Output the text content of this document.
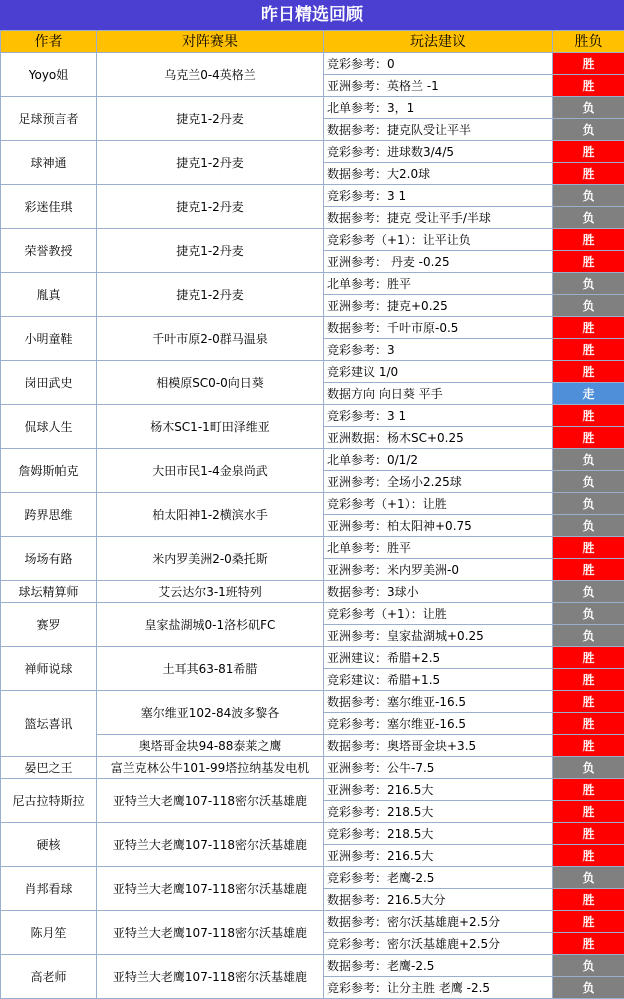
昨日精选回顾
作者	对阵赛果	玩法建议	胜负
Yoyo姐	乌克兰0-4英格兰	竞彩参考：0	胜
		亚洲参考：英格兰 -1	胜
足球预言者	捷克1-2丹麦	北单参考：3，1	负
		数据参考：捷克队受让平半	负
球神通	捷克1-2丹麦	竞彩参考：进球数3/4/5	胜
		数据参考：大2.0球	胜
彩迷佳琪	捷克1-2丹麦	竞彩参考：3 1	负
		数据参考：捷克 受让平手/半球	负
荣誉教授	捷克1-2丹麦	竞彩参考（+1）：让平让负	胜
		亚洲参考： 丹麦 -0.25	胜
胤真	捷克1-2丹麦	北单参考：胜平	负
		亚洲参考：捷克+0.25	负
小明童鞋	千叶市原2-0群马温泉	数据参考：千叶市原-0.5	胜
		竞彩参考：3	胜
岗田武史	相模原SC0-0向日葵	竞彩建议 1/0	胜
		数据方向 向日葵 平手	走
侃球人生	杨木SC1-1町田泽维亚	竞彩参考：3 1	胜
		亚洲数据：杨木SC+0.25	胜
詹姆斯帕克	大田市民1-4金泉尚武	北单参考：0/1/2	负
		亚洲参考：全场小2.25球	负
跨界思维	柏太阳神1-2横滨水手	竞彩参考（+1）：让胜	负
		亚洲参考：柏太阳神+0.75	负
场场有路	米内罗美洲2-0桑托斯	北单参考：胜平	胜
		亚洲参考：米内罗美洲-0	胜
球坛精算师	艾云达尔3-1班特列	数据参考：3球小	负
赛罗	皇家盐湖城0-1洛杉矶FC	竞彩参考（+1）：让胜	负
		亚洲参考：皇家盐湖城+0.25	负
禅师说球	土耳其63-81希腊	亚洲建议：希腊+2.5	胜
		竞彩建议：希腊+1.5	胜
篮坛喜讯	塞尔维亚102-84波多黎各	数据参考：塞尔维亚-16.5	胜
		竞彩参考：塞尔维亚-16.5	胜
	奥塔哥金块94-88泰莱之鹰	数据参考：奥塔哥金块+3.5	胜
晏巴之王	富兰克林公牛101-99塔拉纳基发电机	亚洲参考：公牛-7.5	负
尼古拉特斯拉	亚特兰大老鹰107-118密尔沃基雄鹿	亚洲参考：216.5大	胜
		竞彩参考：218.5大	胜
硬核	亚特兰大老鹰107-118密尔沃基雄鹿	竞彩参考：218.5大	胜
		亚洲参考：216.5大	胜
肖邦看球	亚特兰大老鹰107-118密尔沃基雄鹿	竞彩参考：老鹰-2.5	负
		数据参考：216.5大分	胜
陈月笙	亚特兰大老鹰107-118密尔沃基雄鹿	数据参考：密尔沃基雄鹿+2.5分	胜
		竞彩参考：密尔沃基雄鹿+2.5分	胜
高老师	亚特兰大老鹰107-118密尔沃基雄鹿	数据参考：老鹰-2.5	负
		竞彩参考：让分主胜 老鹰 -2.5	负
